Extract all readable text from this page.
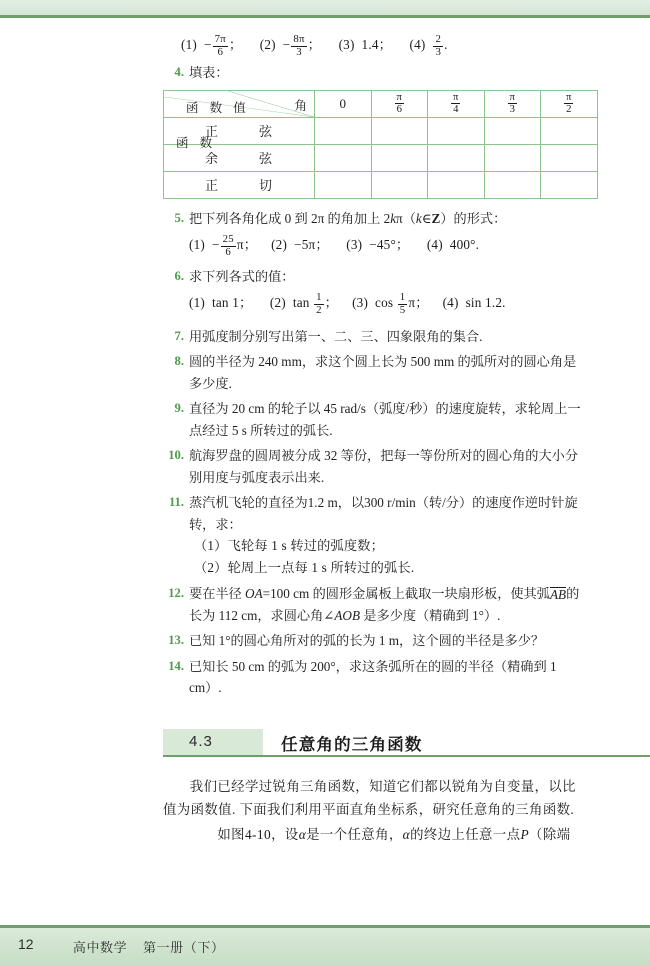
$(1) - \frac{7\pi}{6}$ ；     $(2) - \frac{8\pi}{3}$ ；     (3)  1.4； $(4) \frac{2}{3}$ .
4. 填表：
角
函 数 值
函 数	0	$\frac{\pi}{6}$	$\frac{\pi}{4}$	$\frac{\pi}{3}$	$\frac{\pi}{2}$

正　弦					
余　弦					
正　切					
5. 把下列各角化成 0 到 2π 的角加上 2kπ（k∈Z）的形式：
$(1) - \frac{25}{6}$ π；    (2)  −5π； (3)  −45°； (4)  400°.
6. 求下列各式的值：
(1)  tan 1； (2)  $\tan \frac{1}{2}$ ；    (3)  $\cos \frac{1}{5}$ π；    (4)  sin 1.2.
7. 用弧度制分别写出第一、二、三、四象限角的集合.
8. 圆的半径为 240 mm，求这个圆上长为 500 mm 的弧所对的圆心角是多少度.
9. 直径为 20 cm 的轮子以 45 rad/s（弧度/秒）的速度旋转，求轮周上一点经过 5 s 所转过的弧长.
10. 航海罗盘的圆周被分成 32 等份，把每一等份所对的圆心角的大小分别用度与弧度表示出来.
11. 蒸汽机飞轮的直径为1.2 m，以300 r/min（转/分）的速度作逆时针旋转，求：
（1）飞轮每 1 s 转过的弧度数；
（2）轮周上一点每 1 s 所转过的弧长.
12. 要在半径 OA=100 cm 的圆形金属板上截取一块扇形板，使其弧AB的长为 112 cm，求圆心角∠AOB 是多少度（精确到 1°）.
13. 已知 1°的圆心角所对的弧的长为 1 m，这个圆的半径是多少？
14. 已知长 50 cm 的弧为 200°，求这条弧所在的圆的半径（精确到 1 cm）.
4.3	任意角的三角函数
我们已经学过锐角三角函数，知道它们都以锐角为自变量，以比值为函数值. 下面我们利用平面直角坐标系，研究任意角的三角函数.
　　如图4-10，设α是一个任意角，α的终边上任意一点P（除端
12	高中数学 第一册（下）
